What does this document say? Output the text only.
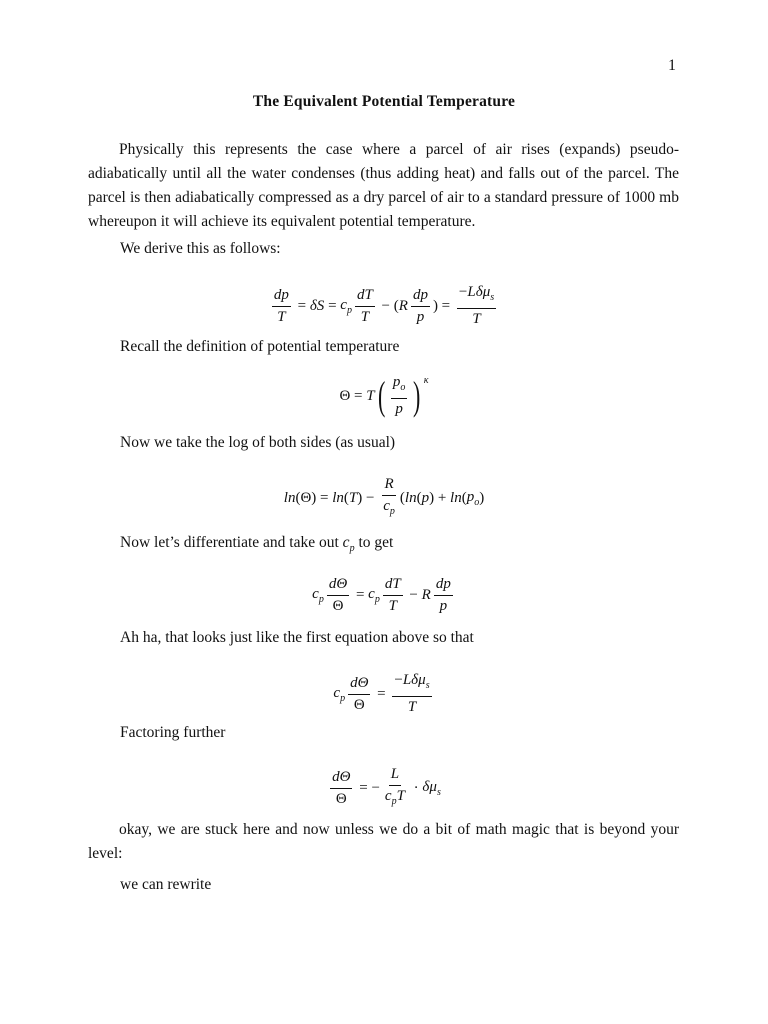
1
The Equivalent Potential Temperature
Physically this represents the case where a parcel of air rises (expands) pseudo-adiabatically until all the water condenses (thus adding heat) and falls out of the parcel. The parcel is then adiabatically compressed as a dry parcel of air to a standard pressure of 1000 mb whereupon it will achieve its equivalent potential temperature.
We derive this as follows:
$\frac{dp}{T} = \delta S = c_p \frac{dT}{T}$ − ( R $\frac{dp}{p}$ ) = $\frac{-L\delta\mu_s}{T}$
Recall the definition of potential temperature
Θ = T ( $\frac{p_o}{p}$ ) $^\kappa$
Now we take the log of both sides (as usual)
ln (Θ) = ln ( T ) − $\frac{R}{c_p}$ ( ln ( p ) + ln ( $p_o$ )
Now let’s differentiate and take out $c_p$ to get
$c_p \frac{d\Theta}{\Theta} = c_p \frac{dT}{T} - R \frac{dp}{p}$
Ah ha, that looks just like the first equation above so that
$c_p \frac{d\Theta}{\Theta} = \frac{-L\delta\mu_s}{T}$
Factoring further
$\frac{d\Theta}{\Theta}$ = − $\frac{L}{c_pT} \cdot \delta\mu_s$
okay, we are stuck here and now unless we do a bit of math magic that is beyond your level:
we can rewrite
